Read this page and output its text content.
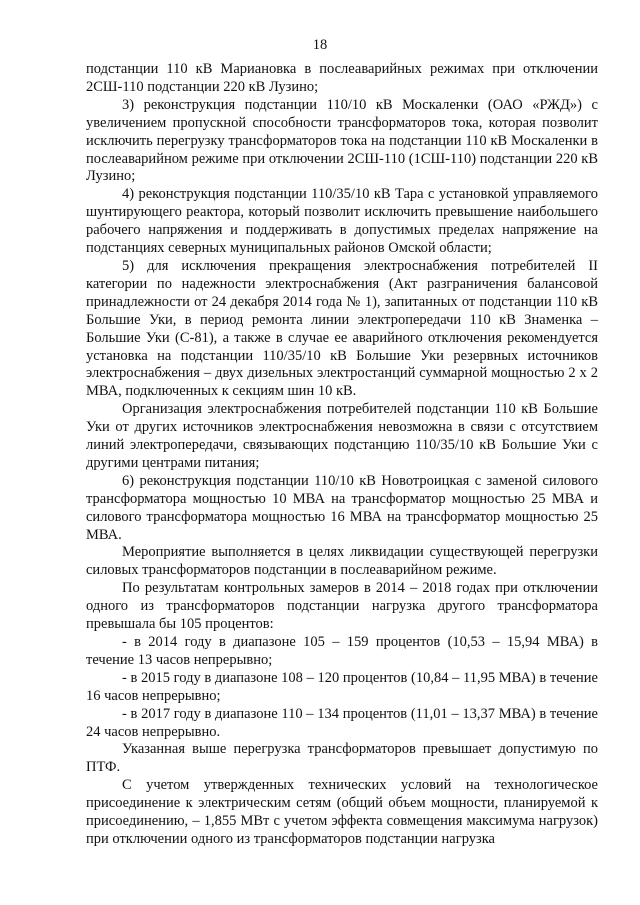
18

подстанции 110 кВ Мариановка в послеаварийных режимах при отключении 2СШ-110 подстанции 220 кВ Лузино;

3) реконструкция подстанции 110/10 кВ Москаленки (ОАО «РЖД») с увеличением пропускной способности трансформаторов тока, которая позволит исключить перегрузку трансформаторов тока на подстанции 110 кВ Москаленки в послеаварийном режиме при отключении 2СШ-110 (1СШ-110) подстанции 220 кВ Лузино;

4) реконструкция подстанции 110/35/10 кВ Тара с установкой управляемого шунтирующего реактора, который позволит исключить превышение наибольшего рабочего напряжения и поддерживать в допустимых пределах напряжение на подстанциях северных муниципальных районов Омской области;

5) для исключения прекращения электроснабжения потребителей II категории по надежности электроснабжения (Акт разграничения балансовой принадлежности от 24 декабря 2014 года № 1), запитанных от подстанции 110 кВ Большие Уки, в период ремонта линии электропередачи 110 кВ Знаменка – Большие Уки (С-81), а также в случае ее аварийного отключения рекомендуется установка на подстанции 110/35/10 кВ Большие Уки резервных источников электроснабжения – двух дизельных электростанций суммарной мощностью 2 х 2 МВА, подключенных к секциям шин 10 кВ.

Организация электроснабжения потребителей подстанции 110 кВ Большие Уки от других источников электроснабжения невозможна в связи с отсутствием линий электропередачи, связывающих подстанцию 110/35/10 кВ Большие Уки с другими центрами питания;

6) реконструкция подстанции 110/10 кВ Новотроицкая с заменой силового трансформатора мощностью 10 МВА на трансформатор мощностью 25 МВА и силового трансформатора мощностью 16 МВА на трансформатор мощностью 25 МВА.

Мероприятие выполняется в целях ликвидации существующей перегрузки силовых трансформаторов подстанции в послеаварийном режиме.

По результатам контрольных замеров в 2014 – 2018 годах при отключении одного из трансформаторов подстанции нагрузка другого трансформатора превышала бы 105 процентов:

- в 2014 году в диапазоне 105 – 159 процентов (10,53 – 15,94 МВА) в течение 13 часов непрерывно;

- в 2015 году в диапазоне 108 – 120 процентов (10,84 – 11,95 МВА) в течение 16 часов непрерывно;

- в 2017 году в диапазоне 110 – 134 процентов (11,01 – 13,37 МВА) в течение 24 часов непрерывно.

Указанная выше перегрузка трансформаторов превышает допустимую по ПТФ.

С учетом утвержденных технических условий на технологическое присоединение к электрическим сетям (общий объем мощности, планируемой к присоединению, – 1,855 МВт с учетом эффекта совмещения максимума нагрузок) при отключении одного из трансформаторов подстанции нагрузка
